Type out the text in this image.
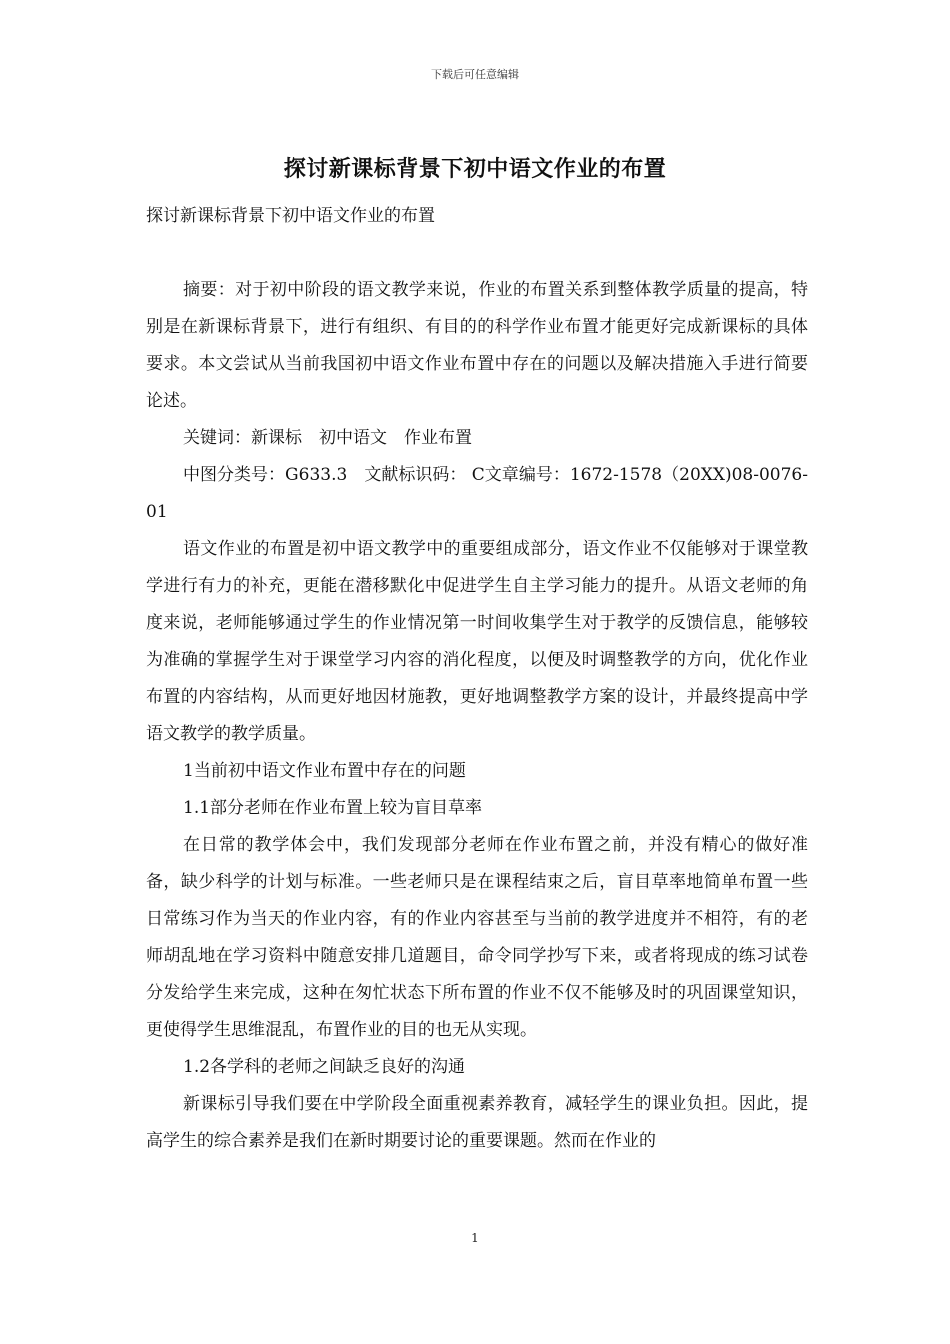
下载后可任意编辑
探讨新课标背景下初中语文作业的布置

探讨新课标背景下初中语文作业的布置

摘要：对于初中阶段的语文教学来说，作业的布置关系到整体教学质量的提高，特别是在新课标背景下，进行有组织、有目的的科学作业布置才能更好完成新课标的具体要求。本文尝试从当前我国初中语文作业布置中存在的问题以及解决措施入手进行简要论述。

关键词：新课标　初中语文　作业布置

中图分类号：G633.3　文献标识码： C文章编号：1672-1578（20XX)08-0076-01

语文作业的布置是初中语文教学中的重要组成部分，语文作业不仅能够对于课堂教学进行有力的补充，更能在潜移默化中促进学生自主学习能力的提升。从语文老师的角度来说，老师能够通过学生的作业情况第一时间收集学生对于教学的反馈信息，能够较为准确的掌握学生对于课堂学习内容的消化程度，以便及时调整教学的方向，优化作业布置的内容结构，从而更好地因材施教，更好地调整教学方案的设计，并最终提高中学语文教学的教学质量。

1当前初中语文作业布置中存在的问题

1.1部分老师在作业布置上较为盲目草率

在日常的教学体会中，我们发现部分老师在作业布置之前，并没有精心的做好准备，缺少科学的计划与标准。一些老师只是在课程结束之后，盲目草率地简单布置一些日常练习作为当天的作业内容，有的作业内容甚至与当前的教学进度并不相符，有的老师胡乱地在学习资料中随意安排几道题目，命令同学抄写下来，或者将现成的练习试卷分发给学生来完成，这种在匆忙状态下所布置的作业不仅不能够及时的巩固课堂知识，更使得学生思维混乱，布置作业的目的也无从实现。

1.2各学科的老师之间缺乏良好的沟通

新课标引导我们要在中学阶段全面重视素养教育，减轻学生的课业负担。因此，提高学生的综合素养是我们在新时期要讨论的重要课题。然而在作业的

1
